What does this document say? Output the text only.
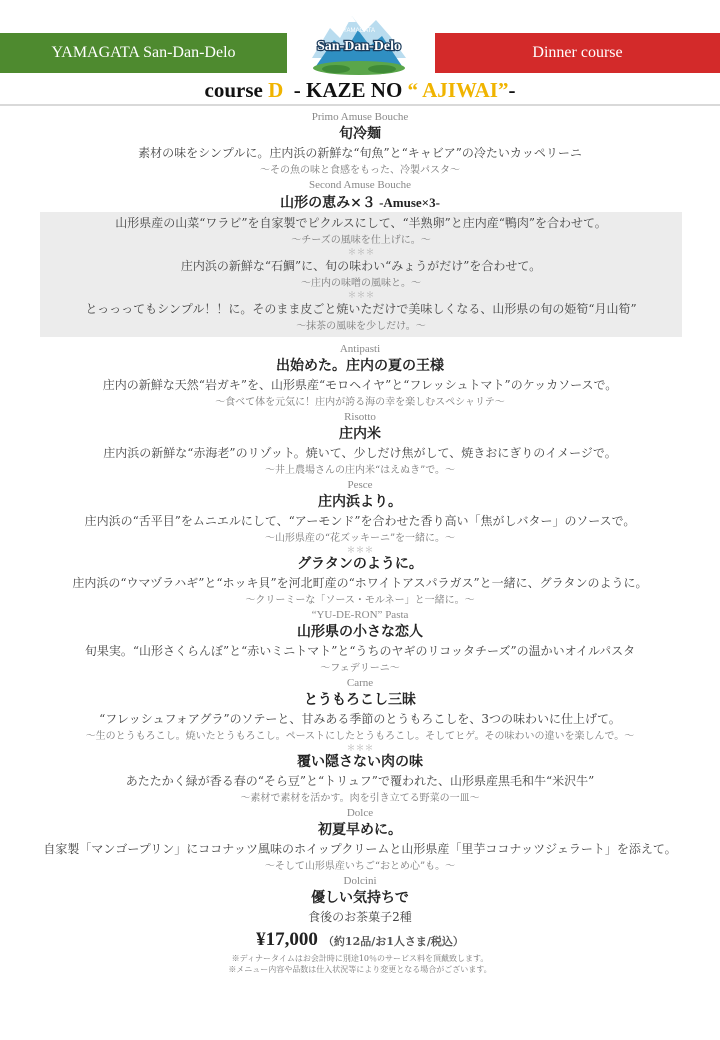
YAMAGATA San-Dan-Delo
YAMAGATA
San-Dan-Delo	Dinner course
course D  - KAZE NO “ AJIWAI”-
Primo Amuse Bouche
旬冷麺
素材の味をシンプルに。庄内浜の新鮮な“旬魚”と“キャビア”の冷たいカッペリーニ
〜その魚の味と食感をもった、冷製パスタ〜
Second Amuse Bouche
山形の恵み×３ -Amuse×3-
山形県産の山菜“ワラビ”を自家製でピクルスにして、“半熟卵”と庄内産“鴨肉”を合わせて。
〜チーズの風味を仕上げに。〜
＊＊＊
庄内浜の新鮮な“石鯛”に、旬の味わい“みょうがだけ”を合わせて。
〜庄内の味噌の風味と。〜
＊＊＊
とっっってもシンプル！！に。そのまま皮ごと焼いただけで美味しくなる、山形県の旬の姫筍“月山筍”
〜抹茶の風味を少しだけ。〜
Antipasti
出始めた。庄内の夏の王様
庄内の新鮮な天然“岩ガキ”を、山形県産“モロヘイヤ”と“フレッシュトマト”のケッカソースで。
〜食べて体を元気に！庄内が誇る海の幸を楽しむスペシャリテ〜
Risotto
庄内米
庄内浜の新鮮な“赤海老”のリゾット。焼いて、少しだけ焦がして、焼きおにぎりのイメージで。
〜井上農場さんの庄内米“はえぬき”で。〜
Pesce
庄内浜より。
庄内浜の“舌平目”をムニエルにして、“アーモンド”を合わせた香り高い「焦がしバター」のソースで。
〜山形県産の“花ズッキーニ”を一緒に。〜
＊＊＊
グラタンのように。
庄内浜の“ウマヅラハギ”と“ホッキ貝”を河北町産の“ホワイトアスパラガス”と一緒に、グラタンのように。
〜クリーミーな「ソース・モルネー」と一緒に。〜
“YU-DE-RON” Pasta
山形県の小さな恋人
旬果実。“山形さくらんぼ”と“赤いミニトマト”と“うちのヤギのリコッタチーズ”の温かいオイルパスタ
〜フェデリーニ〜
Carne
とうもろこし三昧
“フレッシュフォアグラ”のソテーと、甘みある季節のとうもろこしを、3つの味わいに仕上げて。
〜生のとうもろこし。焼いたとうもろこし。ペーストにしたとうもろこし。そしてヒゲ。その味わいの違いを楽しんで。〜
＊＊＊
覆い隠さない肉の味
あたたかく緑が香る春の“そら豆”と“トリュフ”で覆われた、山形県産黒毛和牛“米沢牛”
〜素材で素材を活かす。肉を引き立てる野菜の一皿〜
Dolce
初夏早めに。
自家製「マンゴープリン」にココナッツ風味のホイップクリームと山形県産「里芋ココナッツジェラート」を添えて。
〜そして山形県産いちご“おとめ心”も。〜
Dolcini
優しい気持ちで
食後のお茶菓子2種
¥17,000 （約12品/お1人さま/税込）
※ディナータイムはお会計時に別途10％のサービス料を頂戴致します。
※メニュー内容や品数は仕入状況等により変更となる場合がございます。
